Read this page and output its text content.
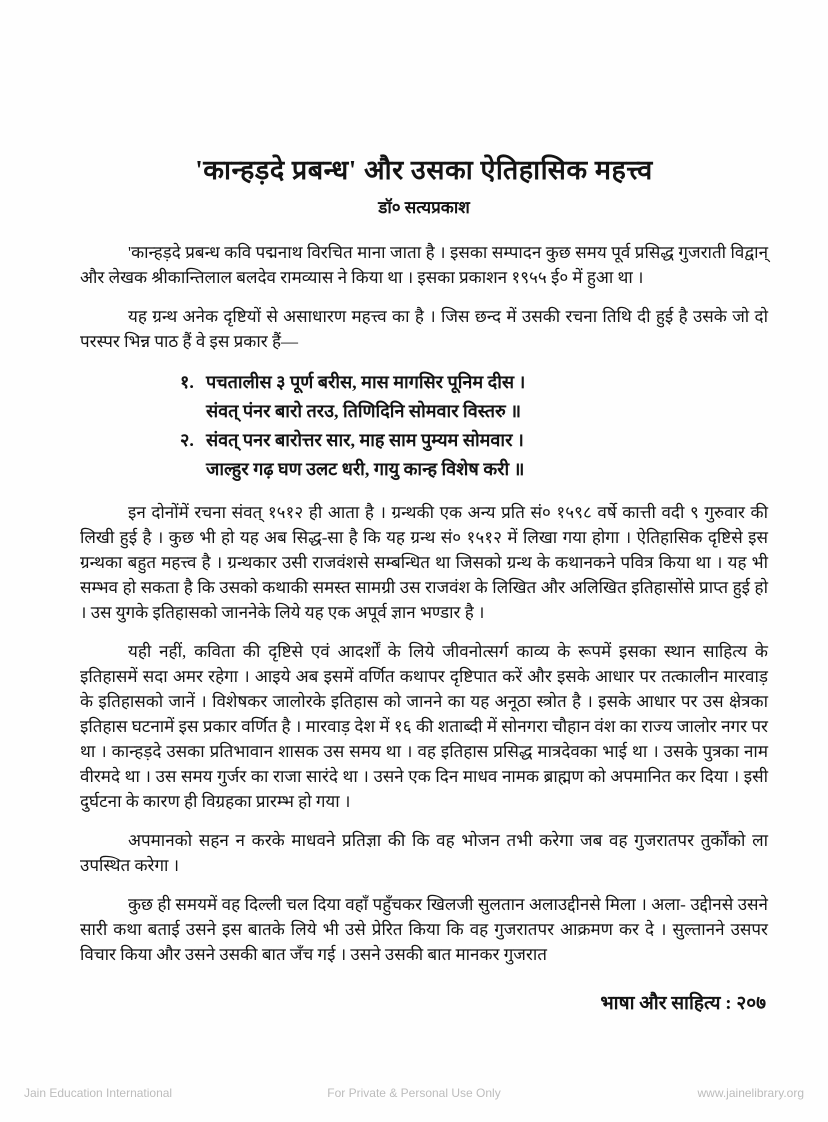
'कान्हड़दे प्रबन्ध' और उसका ऐतिहासिक महत्त्व
डॉ० सत्यप्रकाश

'कान्हड़दे प्रबन्ध कवि पद्मनाथ विरचित माना जाता है । इसका सम्पादन कुछ समय पूर्व प्रसिद्ध गुजराती विद्वान् और लेखक श्रीकान्तिलाल बलदेव रामव्यास ने किया था । इसका प्रकाशन १९५५ ई० में हुआ था ।

यह ग्रन्थ अनेक दृष्टियों से असाधारण महत्त्व का है । जिस छन्द में उसकी रचना तिथि दी हुई है उसके जो दो परस्पर भिन्न पाठ हैं वे इस प्रकार हैं—

१. पचतालीस ३ पूर्ण बरीस, मास मागसिर पूनिम दीस ।
संवत् पंनर बारो तरउ, तिणिदिनि सोमवार विस्तरु ॥
२. संवत् पनर बारोत्तर सार, माह साम पुम्यम सोमवार ।
जाल्हुर गढ़ घण उलट धरी, गायु कान्ह विशेष करी ॥

इन दोनोंमें रचना संवत् १५१२ ही आता है । ग्रन्थकी एक अन्य प्रति सं० १५९८ वर्षे कात्ती वदी ९ गुरुवार की लिखी हुई है । कुछ भी हो यह अब सिद्ध-सा है कि यह ग्रन्थ सं० १५१२ में लिखा गया होगा । ऐतिहासिक दृष्टिसे इस ग्रन्थका बहुत महत्त्व है । ग्रन्थकार उसी राजवंशसे सम्बन्धित था जिसको ग्रन्थ के कथानकने पवित्र किया था । यह भी सम्भव हो सकता है कि उसको कथाकी समस्त सामग्री उस राजवंश के लिखित और अलिखित इतिहासोंसे प्राप्त हुई हो । उस युगके इतिहासको जाननेके लिये यह एक अपूर्व ज्ञान भण्डार है ।

यही नहीं, कविता की दृष्टिसे एवं आदर्शों के लिये जीवनोत्सर्ग काव्य के रूपमें इसका स्थान साहित्य के इतिहासमें सदा अमर रहेगा । आइये अब इसमें वर्णित कथापर दृष्टिपात करें और इसके आधार पर तत्कालीन मारवाड़ के इतिहासको जानें । विशेषकर जालोरके इतिहास को जानने का यह अनूठा स्त्रोत है । इसके आधार पर उस क्षेत्रका इतिहास घटनामें इस प्रकार वर्णित है । मारवाड़ देश में १६ की शताब्दी में सोनगरा चौहान वंश का राज्य जालोर नगर पर था । कान्हड़दे उसका प्रतिभावान शासक उस समय था । वह इतिहास प्रसिद्ध मात्रदेवका भाई था । उसके पुत्रका नाम वीरमदे था । उस समय गुर्जर का राजा सारंदे था । उसने एक दिन माधव नामक ब्राह्मण को अपमानित कर दिया । इसी दुर्घटना के कारण ही विग्रहका प्रारम्भ हो गया ।

अपमानको सहन न करके माधवने प्रतिज्ञा की कि वह भोजन तभी करेगा जब वह गुजरातपर तुर्कोंको ला उपस्थित करेगा ।

कुछ ही समयमें वह दिल्ली चल दिया वहाँ पहुँचकर खिलजी सुलतान अलाउद्दीनसे मिला । अला- उद्दीनसे उसने सारी कथा बताई उसने इस बातके लिये भी उसे प्रेरित किया कि वह गुजरातपर आक्रमण कर दे । सुल्तानने उसपर विचार किया और उसने उसकी बात जँच गई । उसने उसकी बात मानकर गुजरात

भाषा और साहित्य : २०७
Jain Education International	For Private & Personal Use Only	www.jainelibrary.org
